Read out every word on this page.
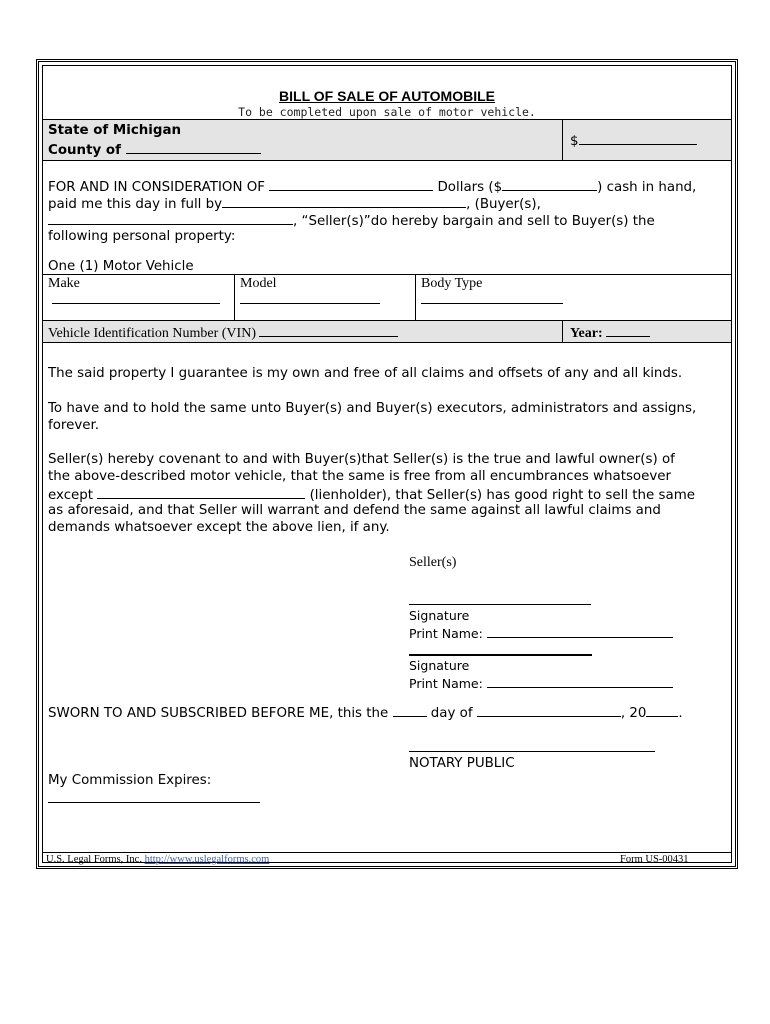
BILL OF SALE OF AUTOMOBILE
To be completed upon sale of motor vehicle.
State of Michigan
County of
$
FOR AND IN CONSIDERATION OF	Dollars ($	) cash in hand,
paid me this day in full by	, (Buyer(s),
, “Seller(s)”do hereby bargain and sell to Buyer(s) the
following personal property:
One (1) Motor Vehicle
Make	Model	Body Type
Vehicle Identification Number (VIN)	Year:
The said property I guarantee is my own and free of all claims and offsets of any and all kinds.
To have and to hold the same unto Buyer(s) and Buyer(s) executors, administrators and assigns,
forever.
Seller(s) hereby covenant to and with Buyer(s)that Seller(s) is the true and lawful owner(s) of
the above-described motor vehicle, that the same is free from all encumbrances whatsoever
except	(lienholder), that Seller(s) has good right to sell the same
as aforesaid, and that Seller will warrant and defend the same against all lawful claims and
demands whatsoever except the above lien, if any.
Seller(s)
Signature
Print Name:
Signature
Print Name:
SWORN TO AND SUBSCRIBED BEFORE ME, this the	day of	, 20 .
NOTARY PUBLIC
My Commission Expires:
U.S. Legal Forms, Inc. http://www.uslegalforms.com	Form US-00431
